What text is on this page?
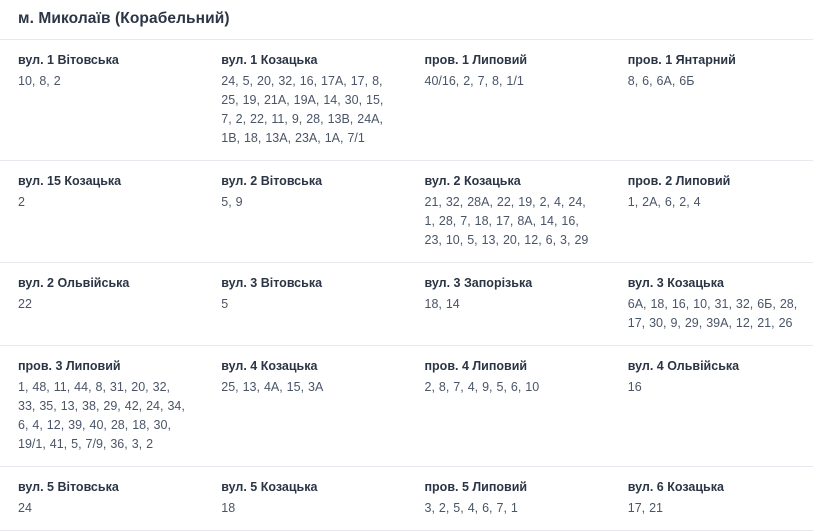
м. Миколаїв (Корабельний)
вул. 1 Вітовська
10, 8, 2
вул. 1 Козацька
24, 5, 20, 32, 16, 17А, 17, 8, 25, 19, 21А, 19А, 14, 30, 15, 7, 2, 22, 11, 9, 28, 13В, 24А, 1В, 18, 13А, 23А, 1А, 7/1
пров. 1 Липовий
40/16, 2, 7, 8, 1/1
пров. 1 Янтарний
8, 6, 6А, 6Б
вул. 15 Козацька
2
вул. 2 Вітовська
5, 9
вул. 2 Козацька
21, 32, 28А, 22, 19, 2, 4, 24, 1, 28, 7, 18, 17, 8А, 14, 16, 23, 10, 5, 13, 20, 12, 6, 3, 29
пров. 2 Липовий
1, 2А, 6, 2, 4
вул. 2 Ольвійська
22
вул. 3 Вітовська
5
вул. 3 Запорізька
18, 14
вул. 3 Козацька
6А, 18, 16, 10, 31, 32, 6Б, 28, 17, 30, 9, 29, 39А, 12, 21, 26
пров. 3 Липовий
1, 48, 11, 44, 8, 31, 20, 32, 33, 35, 13, 38, 29, 42, 24, 34, 6, 4, 12, 39, 40, 28, 18, 30, 19/1, 41, 5, 7/9, 36, 3, 2
вул. 4 Козацька
25, 13, 4А, 15, 3А
пров. 4 Липовий
2, 8, 7, 4, 9, 5, 6, 10
вул. 4 Ольвійська
16
вул. 5 Вітовська
24
вул. 5 Козацька
18
пров. 5 Липовий
3, 2, 5, 4, 6, 7, 1
вул. 6 Козацька
17, 21
